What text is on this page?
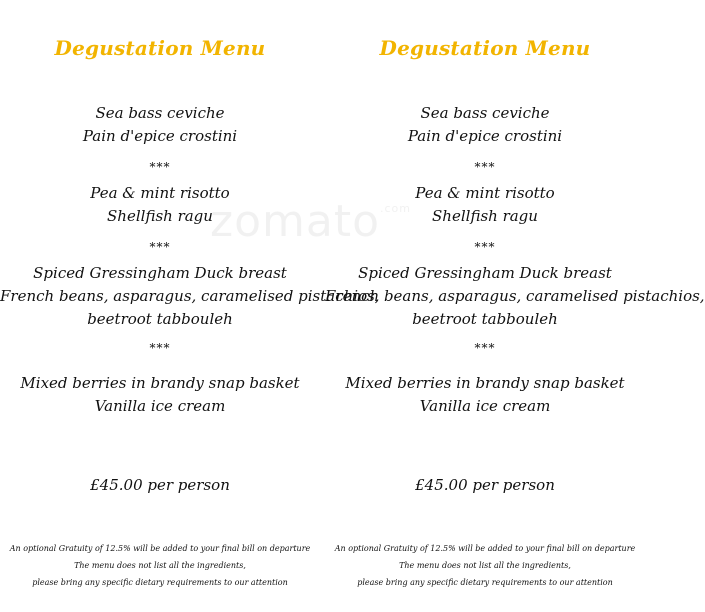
Degustation Menu
Sea bass ceviche
Pain d'epice crostini
***
Pea & mint risotto
Shellfish ragu
***
Spiced Gressingham Duck breast
French beans, asparagus, caramelised pistachios,
beetroot tabbouleh
***
Mixed berries in brandy snap basket
Vanilla ice cream
£45.00 per person
An optional Gratuity of 12.5% will be added to your final bill on departure
The menu does not list all the ingredients,
please bring any specific dietary requirements to our attention
Degustation Menu
Sea bass ceviche
Pain d'epice crostini
***
Pea & mint risotto
Shellfish ragu
***
Spiced Gressingham Duck breast
French beans, asparagus, caramelised pistachios,
beetroot tabbouleh
***
Mixed berries in brandy snap basket
Vanilla ice cream
£45.00 per person
An optional Gratuity of 12.5% will be added to your final bill on departure
The menu does not list all the ingredients,
please bring any specific dietary requirements to our attention
zomato$^{.com}$
